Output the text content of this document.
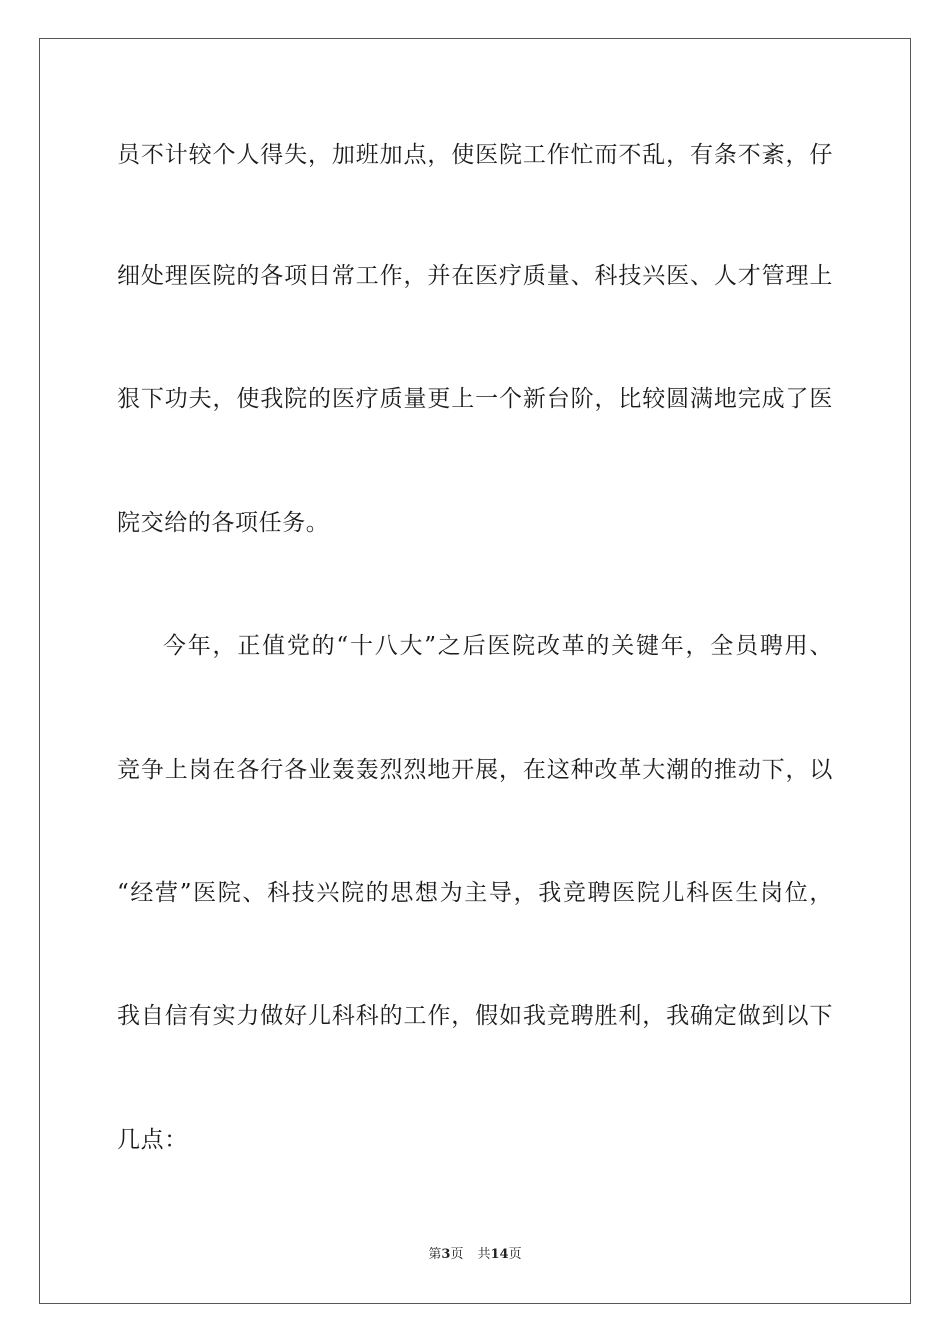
员不计较个人得失，加班加点，使医院工作忙而不乱，有条不紊，仔
细处理医院的各项日常工作，并在医疗质量、科技兴医、人才管理上
狠下功夫，使我院的医疗质量更上一个新台阶，比较圆满地完成了医
院交给的各项任务。
今年，正值党的“十八大”之后医院改革的关键年，全员聘用、
竞争上岗在各行各业轰轰烈烈地开展，在这种改革大潮的推动下，以
“经营”医院、科技兴院的思想为主导，我竞聘医院儿科医生岗位，
我自信有实力做好儿科科的工作，假如我竞聘胜利，我确定做到以下
几点：
第3页 共14页
